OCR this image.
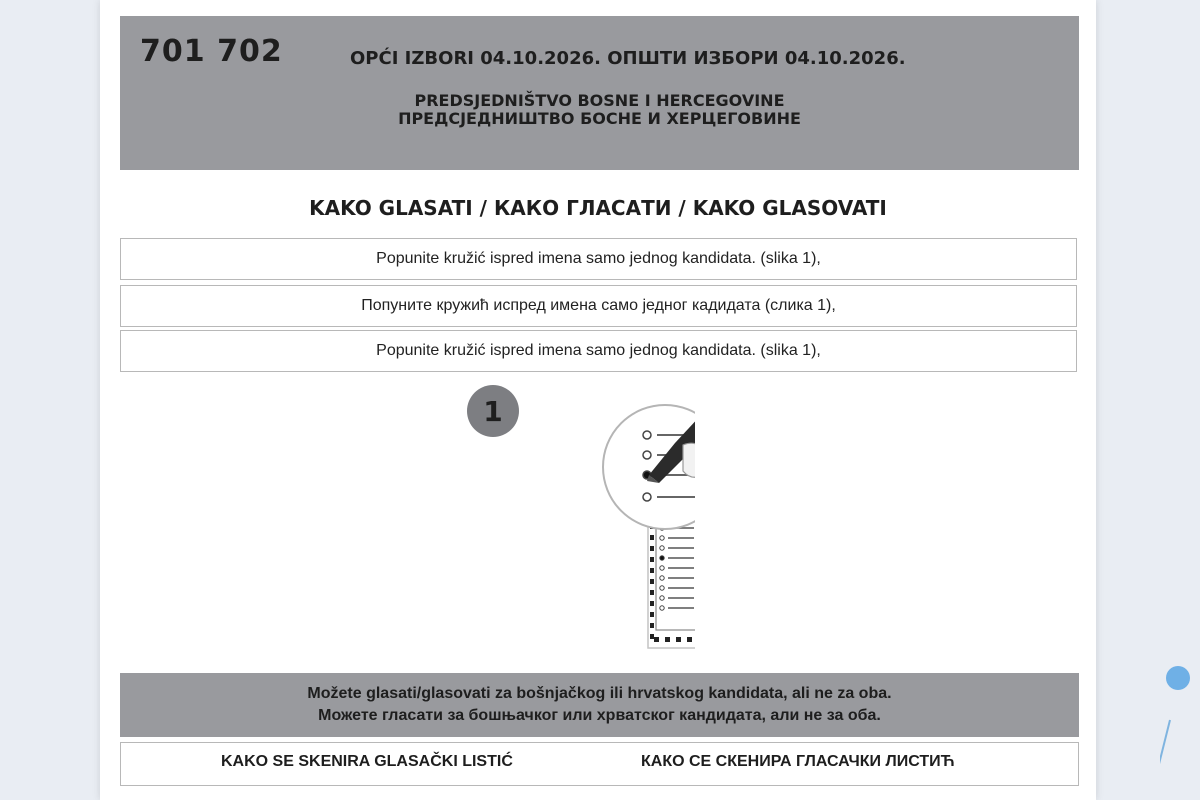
701 702	OPĆI IZBORI 04.10.2026. ОПШТИ ИЗБОРИ 04.10.2026.
PREDSJEDNIŠTVO BOSNE I HERCEGOVINE
ПРЕДСЈЕДНИШТВО БОСНЕ И ХЕРЦЕГОВИНЕ
KAKO GLASATI / КАКО ГЛАСАТИ / KAKO GLASOVATI
Popunite kružić ispred imena samo jednog kandidata. (slika 1),
Попуните кружић испред имена само једног кадидата (слика 1),
Popunite kružić ispred imena samo jednog kandidata. (slika 1),
1
Možete glasati/glasovati za bošnjačkog ili hrvatskog kandidata, ali ne za oba.
Можете гласати за бошњачког или хрватског кандидата, али не за оба.
KAKO SE SKENIRA GLASAČKI LISTIĆ	КАКО СЕ СКЕНИРА ГЛАСАЧКИ ЛИСТИЋ
